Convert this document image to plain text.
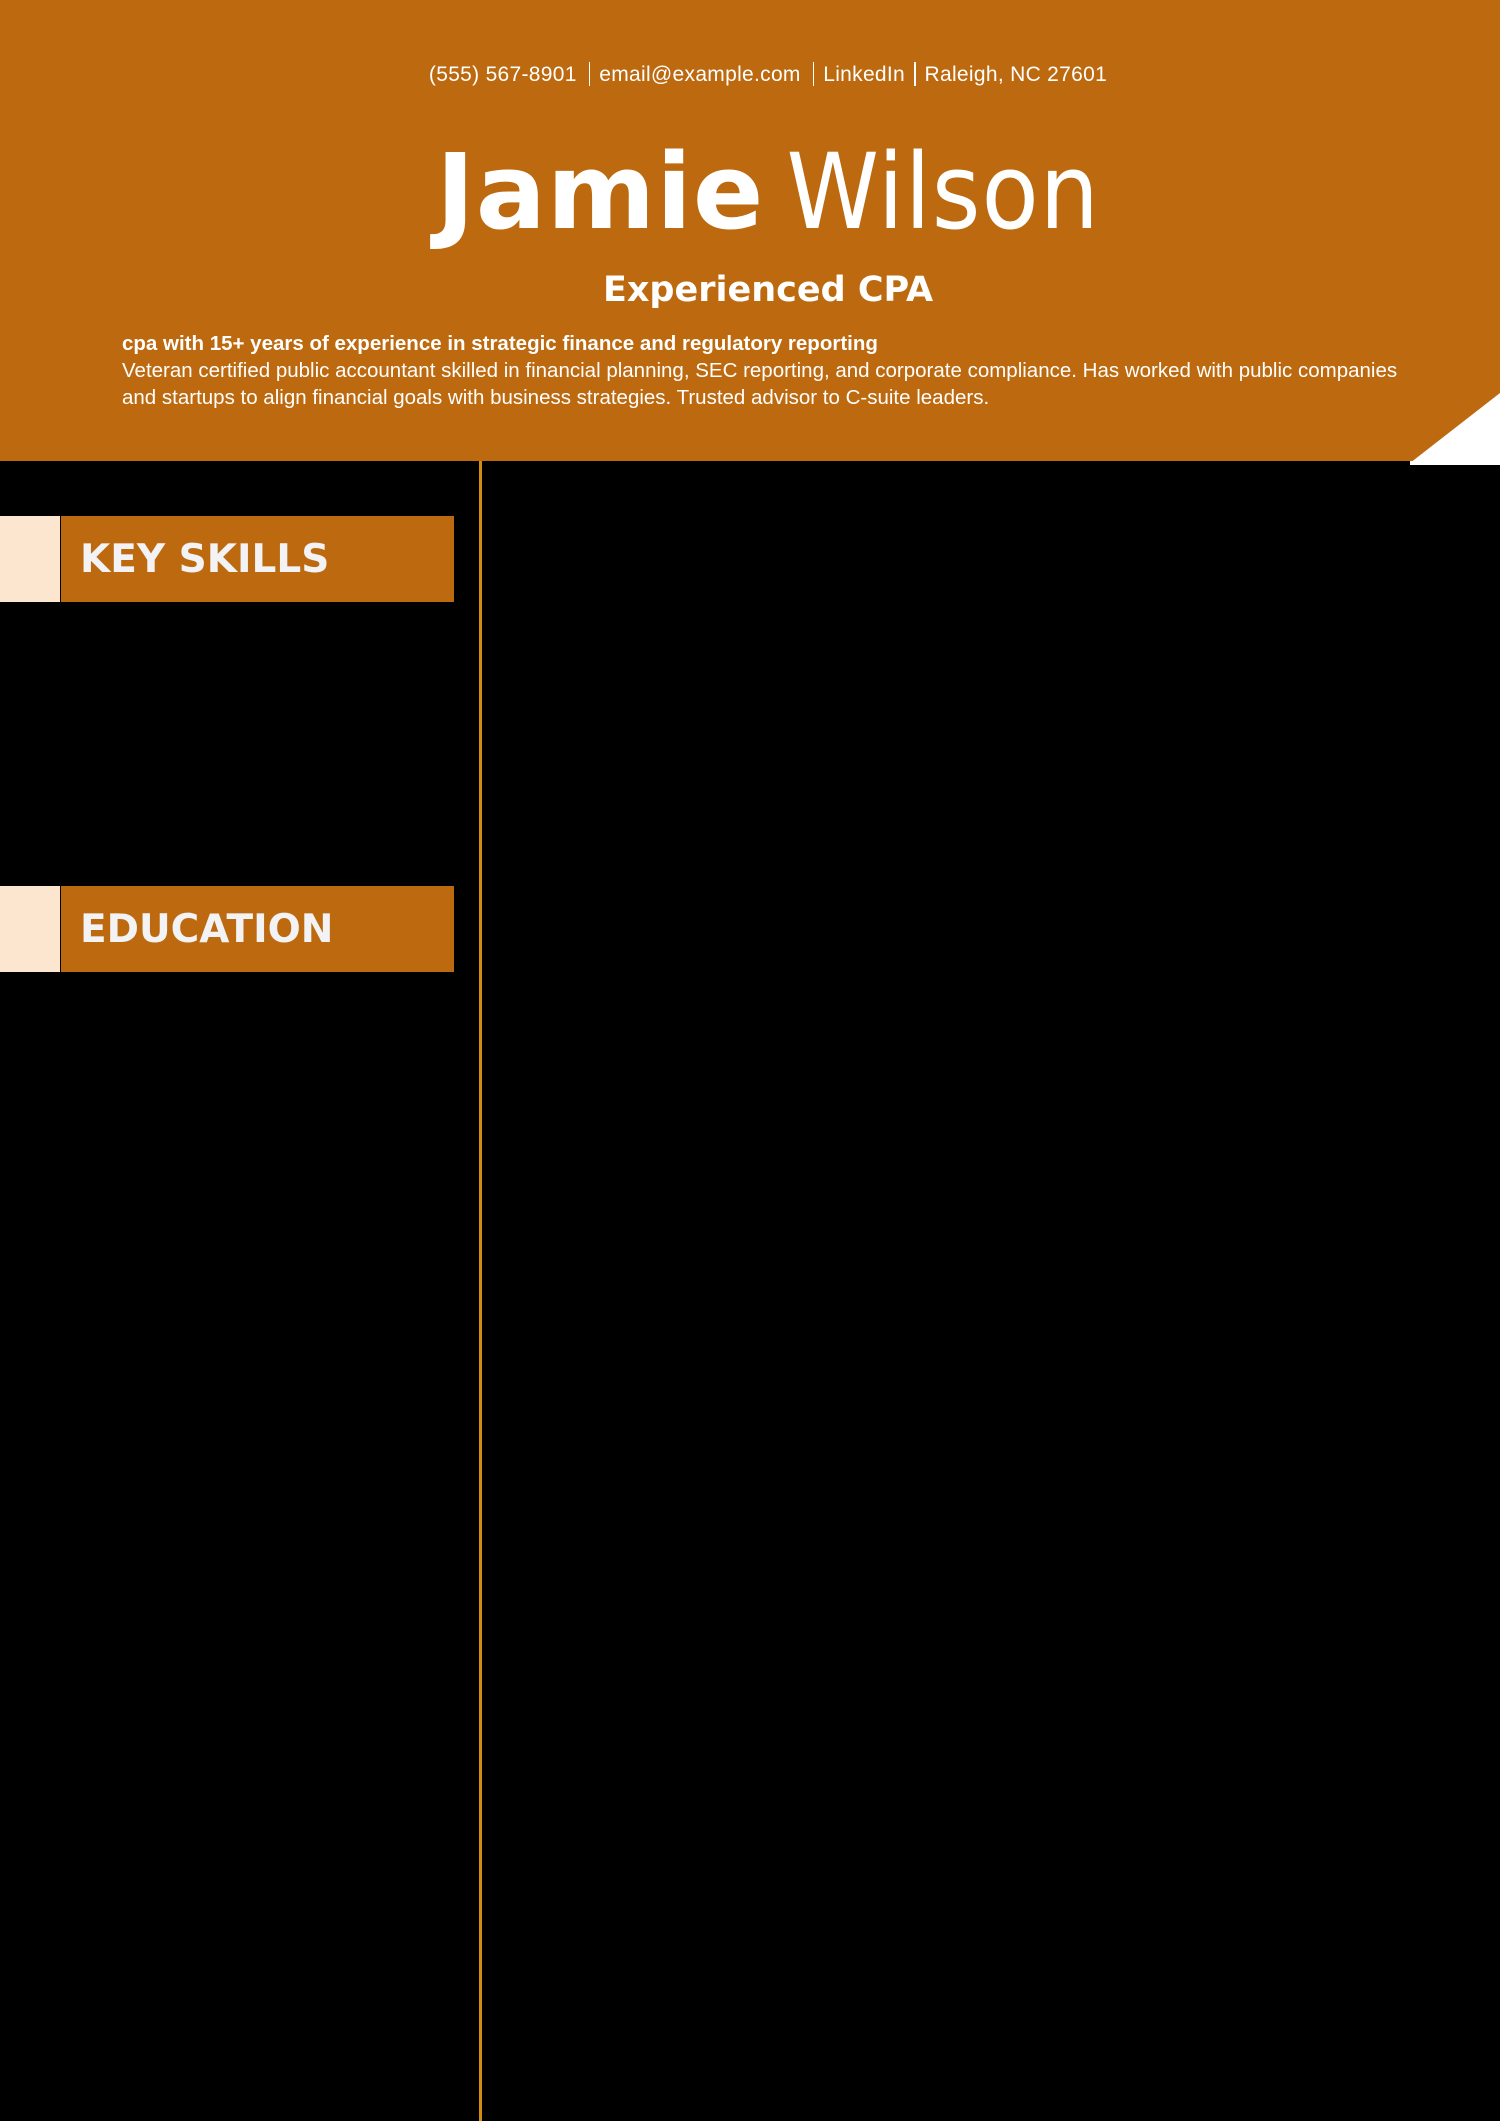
(555) 567-8901 email@example.com LinkedIn Raleigh, NC 27601
Jamie Wilson
Experienced CPA
cpa with 15+ years of experience in strategic finance and regulatory reporting
Veteran certified public accountant skilled in financial planning, SEC reporting, and corporate compliance. Has worked with public companies and startups to align financial goals with business strategies. Trusted advisor to C-suite leaders.
KEY SKILLS
EDUCATION
